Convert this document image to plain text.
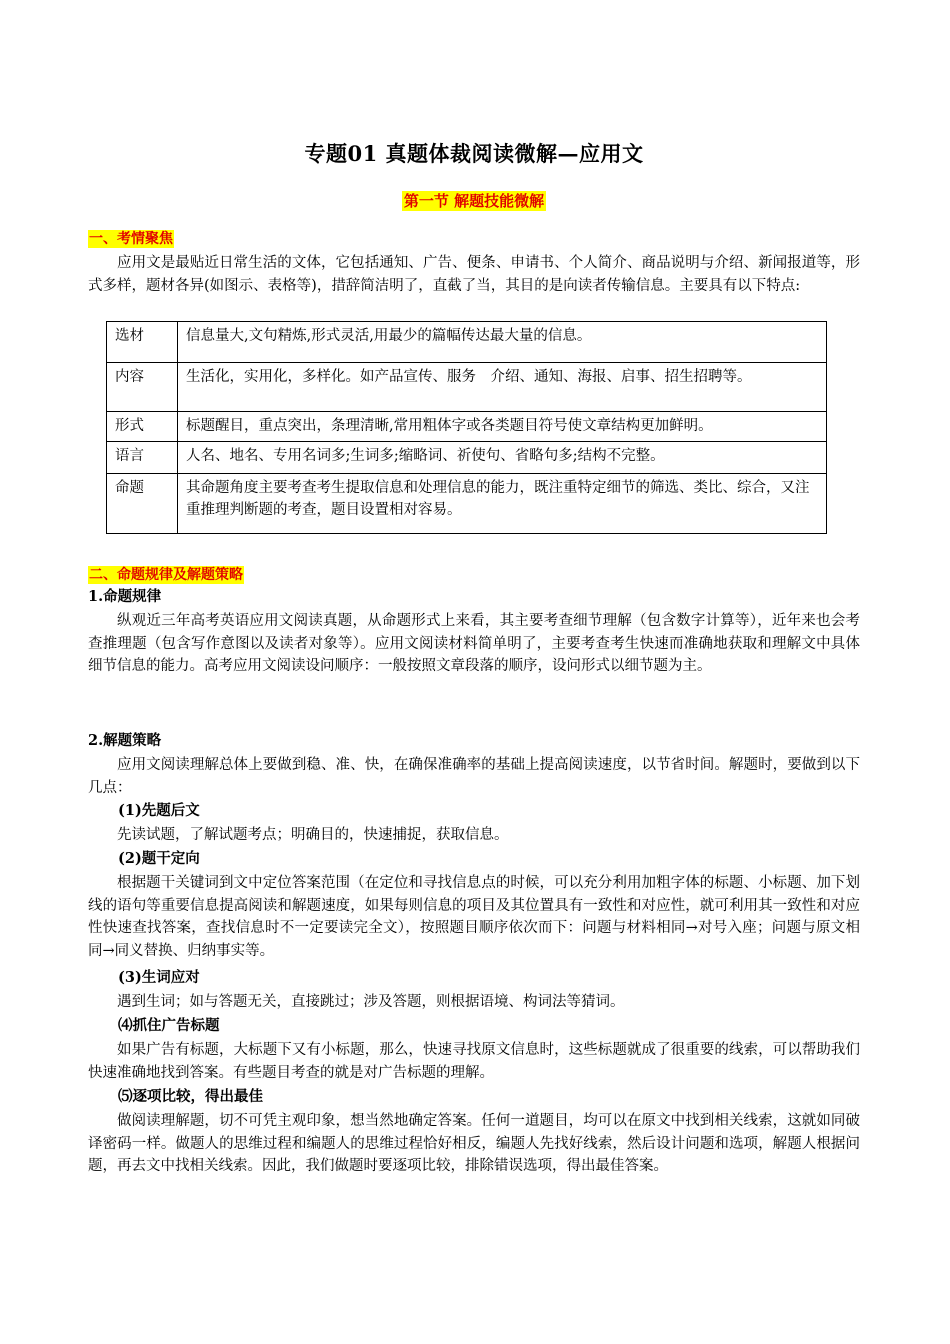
专题01 真题体裁阅读微解—应用文
第一节 解题技能微解
一、考情聚焦
应用文是最贴近日常生活的文体，它包括通知、广告、便条、申请书、个人简介、商品说明与介绍、新闻报道等，形式多样，题材各异(如图示、表格等)，措辞简洁明了，直截了当，其目的是向读者传输信息。主要具有以下特点:
选材	信息量大,文句精炼,形式灵活,用最少的篇幅传达最大量的信息。
内容	生活化，实用化，多样化。如产品宣传、服务　介绍、通知、海报、启事、招生招聘等。
形式	标题醒目，重点突出，条理清晰,常用粗体字或各类题目符号使文章结构更加鲜明。
语言	人名、地名、专用名词多;生词多;缩略词、祈使句、省略句多;结构不完整。
命题	其命题角度主要考查考生提取信息和处理信息的能力，既注重特定细节的筛选、类比、综合，又注重推理判断题的考查，题目设置相对容易。
二、命题规律及解题策略
1.命题规律
纵观近三年高考英语应用文阅读真题，从命题形式上来看，其主要考查细节理解（包含数字计算等），近年来也会考查推理题（包含写作意图以及读者对象等）。应用文阅读材料简单明了，主要考查考生快速而准确地获取和理解文中具体细节信息的能力。高考应用文阅读设问顺序：一般按照文章段落的顺序，设问形式以细节题为主。
2.解题策略
应用文阅读理解总体上要做到稳、准、快，在确保准确率的基础上提高阅读速度，以节省时间。解题时，要做到以下几点：
(1)先题后文
先读试题，了解试题考点；明确目的，快速捕捉，获取信息。
(2)题干定向
根据题干关键词到文中定位答案范围（在定位和寻找信息点的时候，可以充分利用加粗字体的标题、小标题、加下划线的语句等重要信息提高阅读和解题速度，如果每则信息的项目及其位置具有一致性和对应性，就可利用其一致性和对应性快速查找答案，查找信息时不一定要读完全文），按照题目顺序依次而下：问题与材料相同→对号入座；问题与原文相同→同义替换、归纳事实等。
(3)生词应对
遇到生词；如与答题无关，直接跳过；涉及答题，则根据语境、构词法等猜词。
⑷抓住广告标题
如果广告有标题，大标题下又有小标题，那么，快速寻找原文信息时，这些标题就成了很重要的线索，可以帮助我们快速准确地找到答案。有些题目考查的就是对广告标题的理解。
⑸逐项比较，得出最佳
做阅读理解题，切不可凭主观印象，想当然地确定答案。任何一道题目，均可以在原文中找到相关线索，这就如同破译密码一样。做题人的思维过程和编题人的思维过程恰好相反，编题人先找好线索，然后设计问题和选项，解题人根据问题，再去文中找相关线索。因此，我们做题时要逐项比较，排除错误选项，得出最佳答案。
